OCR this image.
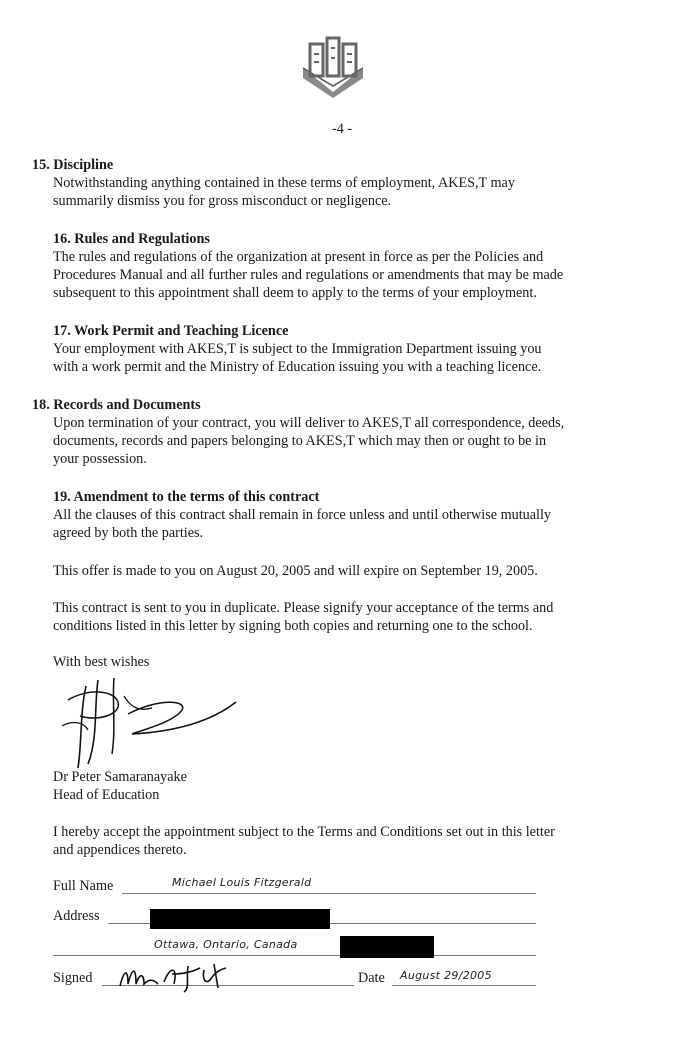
-4 -
15. Discipline
Notwithstanding anything contained in these terms of employment, AKES,T may
summarily dismiss you for gross misconduct or negligence.
16. Rules and Regulations
The rules and regulations of the organization at present in force as per the Policies and
Procedures Manual and all further rules and regulations or amendments that may be made
subsequent to this appointment shall deem to apply to the terms of your employment.
17. Work Permit and Teaching Licence
Your employment with AKES,T is subject to the Immigration Department issuing you
with a work permit and the Ministry of Education issuing you with a teaching licence.
18. Records and Documents
Upon termination of your contract, you will deliver to AKES,T all correspondence, deeds,
documents, records and papers belonging to AKES,T which may then or ought to be in
your possession.
19. Amendment to the terms of this contract
All the clauses of this contract shall remain in force unless and until otherwise mutually
agreed by both the parties.
This offer is made to you on August 20, 2005 and will expire on September 19, 2005.
This contract is sent to you in duplicate. Please signify your acceptance of the terms and
conditions listed in this letter by signing both copies and returning one to the school.
With best wishes
Dr Peter Samaranayake
Head of Education
I hereby accept the appointment subject to the Terms and Conditions set out in this letter
and appendices thereto.
Full Name	Michael Louis Fitzgerald
Address
Ottawa, Ontario, Canada
Signed	Date August 29/2005
